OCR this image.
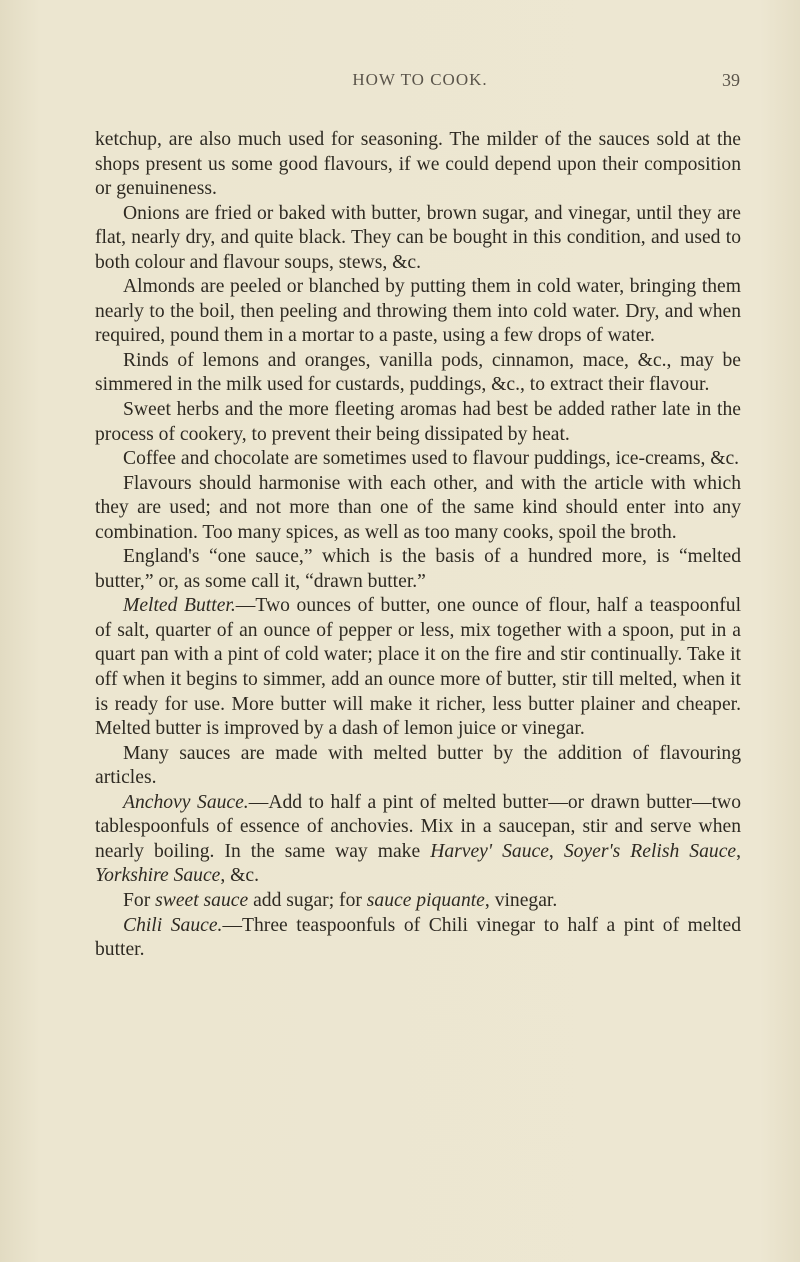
HOW TO COOK.	39

ketchup, are also much used for seasoning. The milder of the sauces sold at the shops present us some good flavours, if we could depend upon their composition or genuineness.

Onions are fried or baked with butter, brown sugar, and vinegar, until they are flat, nearly dry, and quite black. They can be bought in this condition, and used to both colour and flavour soups, stews, &c.

Almonds are peeled or blanched by putting them in cold water, bringing them nearly to the boil, then peeling and throwing them into cold water. Dry, and when required, pound them in a mortar to a paste, using a few drops of water.

Rinds of lemons and oranges, vanilla pods, cinnamon, mace, &c., may be simmered in the milk used for custards, puddings, &c., to extract their flavour.

Sweet herbs and the more fleeting aromas had best be added rather late in the process of cookery, to prevent their being dissipated by heat.

Coffee and chocolate are sometimes used to flavour puddings, ice-creams, &c.

Flavours should harmonise with each other, and with the article with which they are used; and not more than one of the same kind should enter into any combination. Too many spices, as well as too many cooks, spoil the broth.

England's “one sauce,” which is the basis of a hundred more, is “melted butter,” or, as some call it, “drawn butter.”

Melted Butter.—Two ounces of butter, one ounce of flour, half a teaspoonful of salt, quarter of an ounce of pepper or less, mix together with a spoon, put in a quart pan with a pint of cold water; place it on the fire and stir continually. Take it off when it begins to simmer, add an ounce more of butter, stir till melted, when it is ready for use. More butter will make it richer, less butter plainer and cheaper. Melted butter is improved by a dash of lemon juice or vinegar.

Many sauces are made with melted butter by the addition of flavouring articles.

Anchovy Sauce.—Add to half a pint of melted butter—or drawn butter—two tablespoonfuls of essence of anchovies. Mix in a saucepan, stir and serve when nearly boiling. In the same way make Harvey' Sauce, Soyer's Relish Sauce, Yorkshire Sauce, &c.

For sweet sauce add sugar; for sauce piquante, vinegar.

Chili Sauce.—Three teaspoonfuls of Chili vinegar to half a pint of melted butter.
